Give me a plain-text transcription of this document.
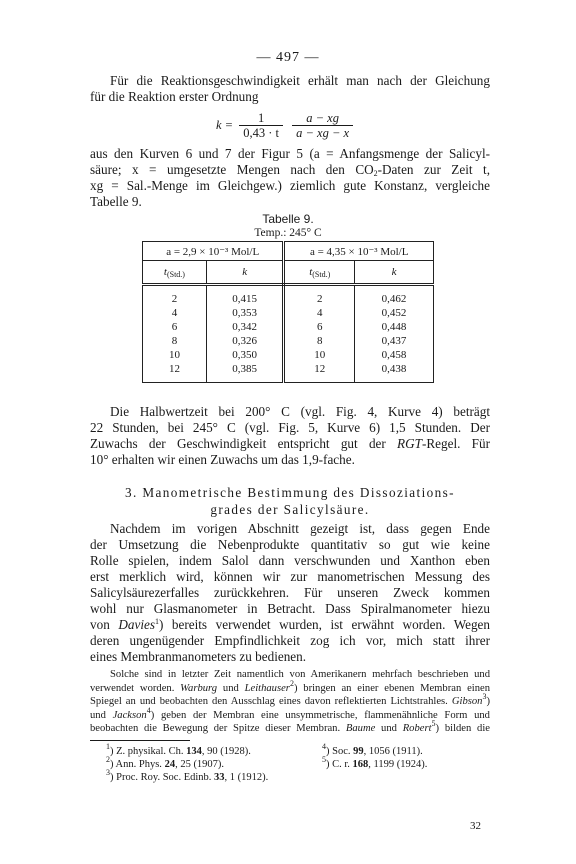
— 497 —
Für die Reaktionsgeschwindigkeit erhält man nach der Gleichung
für die Reaktion erster Ordnung
$k = \frac{1}{0,43 \cdot t}$
$\frac{a - xg}{a - xg - x}$
aus den Kurven 6 und 7 der Figur 5 (a = Anfangsmenge der Salicyl-
säure; x = umgesetzte Mengen nach den $CO_2$-Daten zur Zeit t,
xg = Sal.-Menge im Gleichgew.) ziemlich gute Konstanz, vergleiche
Tabelle 9.
Tabelle 9.
Temp.: 245° C
a = 2,9 × 10⁻³ Mol/L		a = 4,35 × 10⁻³ Mol/L	
$t_{(Std.)}$	k	$t_{(Std.)}$	k
2	0,415	2	0,462
4	0,353	4	0,452
6	0,342	6	0,448
8	0,326	8	0,437
10	0,350	10	0,458
12	0,385	12	0,438
Die Halbwertzeit bei 200° C (vgl. Fig. 4, Kurve 4) beträgt
22 Stunden, bei 245° C (vgl. Fig. 5, Kurve 6) 1,5 Stunden. Der
Zuwachs der Geschwindigkeit entspricht gut der RGT-Regel. Für
10° erhalten wir einen Zuwachs um das 1,9-fache.
3. Manometrische Bestimmung des Dissoziations-
grades der Salicylsäure.
Nachdem im vorigen Abschnitt gezeigt ist, dass gegen Ende
der Umsetzung die Nebenprodukte quantitativ so gut wie keine
Rolle spielen, indem Salol dann verschwunden und Xanthon eben
erst merklich wird, können wir zur manometrischen Messung des
Salicylsäurezerfalles zurückkehren. Für unseren Zweck kommen
wohl nur Glasmanometer in Betracht. Dass Spiralmanometer hiezu
von Davies$^1$) bereits verwendet wurden, ist erwähnt worden. Wegen
deren ungenügender Empfindlichkeit zog ich vor, mich statt ihrer
eines Membranmanometers zu bedienen.
Solche sind in letzter Zeit namentlich von Amerikanern mehrfach beschrieben und
verwendet worden. Warburg und Leithauser$^2$) bringen an einer ebenen Membran einen
Spiegel an und beobachten den Ausschlag eines davon reflektierten Lichtstrahles. Gibson$^3$)
und Jackson$^4$) geben der Membran eine unsymmetrische, flammenähnliche Form und
beobachten die Bewegung der Spitze dieser Membran. Baume und Robert$^5$) bilden die
$^1$) Z. physikal. Ch. 134, 90 (1928).
$^2$) Ann. Phys. 24, 25 (1907).
$^3$) Proc. Roy. Soc. Edinb. 33, 1 (1912).
$^4$) Soc. 99, 1056 (1911).
$^5$) C. r. 168, 1199 (1924).
32
